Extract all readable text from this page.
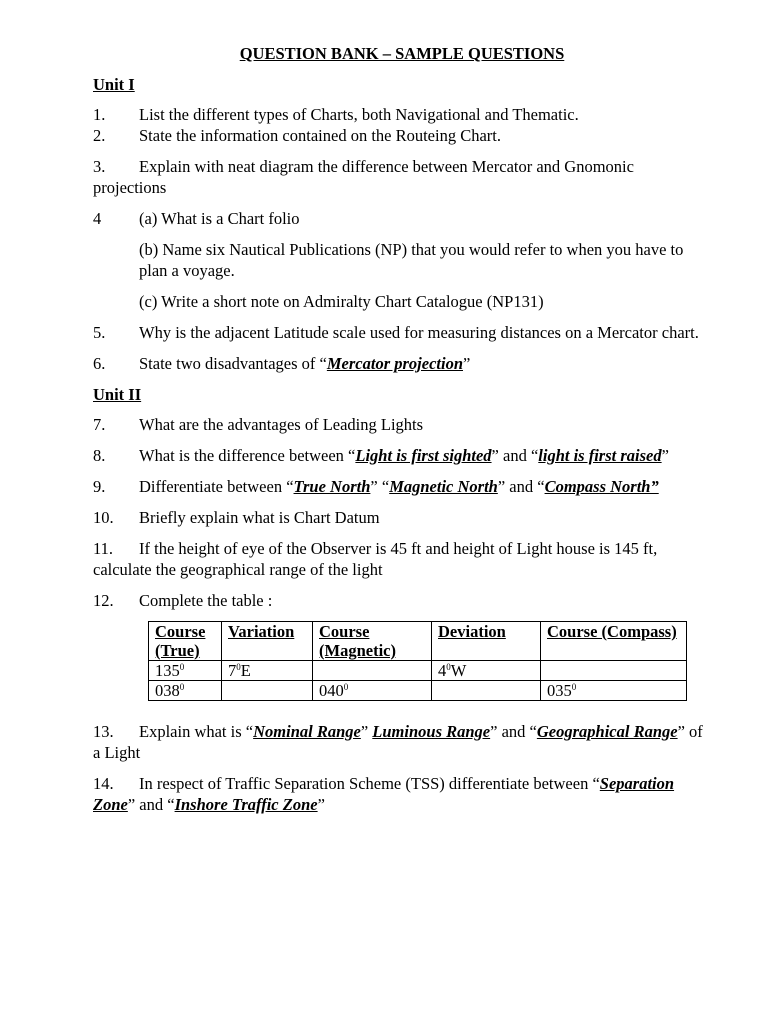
QUESTION BANK – SAMPLE QUESTIONS
Unit I
1. List the different types of Charts, both Navigational and Thematic.
2. State the information contained on the Routeing Chart.
3. Explain with neat diagram the difference between Mercator and Gnomonic projections
4 (a) What is a Chart folio
(b) Name six Nautical Publications (NP) that you would refer to when you have to plan a voyage.
(c) Write a short note on Admiralty Chart Catalogue (NP131)
5. Why is the adjacent Latitude scale used for measuring distances on a Mercator chart.
6. State two disadvantages of “Mercator projection”
Unit II
7. What are the advantages of Leading Lights
8. What is the difference between “Light is first sighted” and “light is first raised”
9. Differentiate between “True North” “Magnetic North” and “Compass North”
10. Briefly explain what is Chart Datum
11. If the height of eye of the Observer is 45 ft and height of Light house is 145 ft, calculate the geographical range of the light
12. Complete the table :
Course (True)	Variation	Course (Magnetic)	Deviation	Course (Compass)
$135^0$	$7^0E$		$4^0W$	
$038^0$		$040^0$		$035^0$
13. Explain what is “Nominal Range” Luminous Range” and “Geographical Range” of a Light
14. In respect of Traffic Separation Scheme (TSS) differentiate between “Separation Zone” and “Inshore Traffic Zone”
